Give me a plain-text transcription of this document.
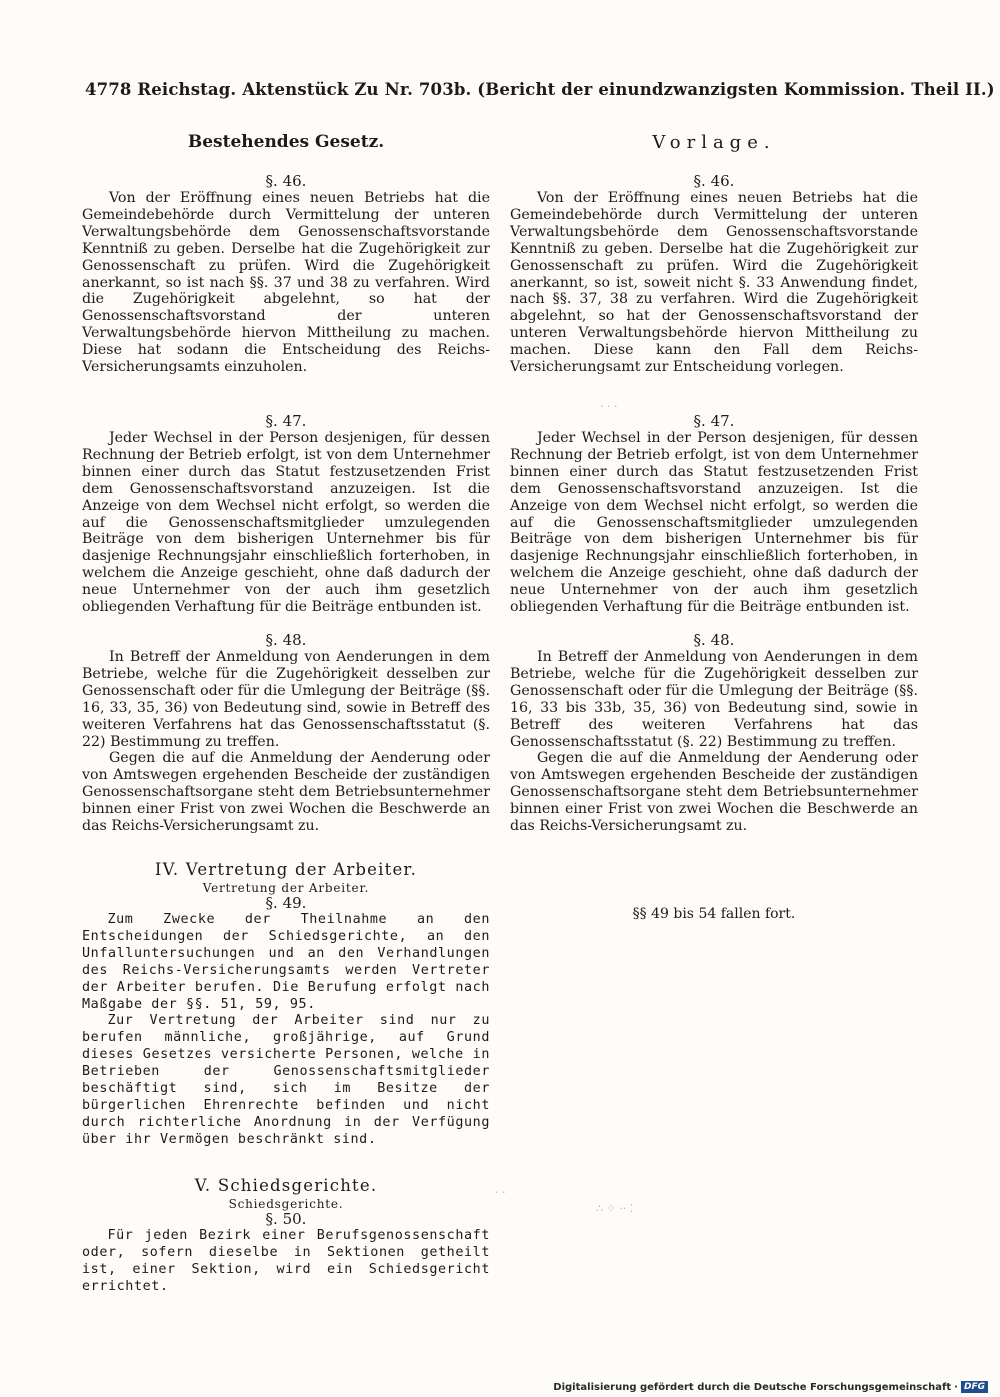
4778 Reichstag. Aktenstück Zu Nr. 703b. (Bericht der einundzwanzigsten Kommission. Theil II.)

Bestehendes Gesetz.

§. 46.

Von der Eröffnung eines neuen Betriebs hat die Gemeindebehörde durch Vermittelung der unteren Verwaltungsbehörde dem Genossenschaftsvorstande Kenntniß zu geben. Derselbe hat die Zugehörigkeit zur Genossenschaft zu prüfen. Wird die Zugehörigkeit anerkannt, so ist nach §§. 37 und 38 zu verfahren. Wird die Zugehörigkeit abgelehnt, so hat der Genossenschaftsvorstand der unteren Verwaltungsbehörde hiervon Mittheilung zu machen. Diese hat sodann die Entscheidung des Reichs-Versicherungsamts einzuholen.

§. 47.

Jeder Wechsel in der Person desjenigen, für dessen Rechnung der Betrieb erfolgt, ist von dem Unternehmer binnen einer durch das Statut festzusetzenden Frist dem Genossenschaftsvorstand anzuzeigen. Ist die Anzeige von dem Wechsel nicht erfolgt, so werden die auf die Genossenschaftsmitglieder umzulegenden Beiträge von dem bisherigen Unternehmer bis für dasjenige Rechnungsjahr einschließlich forterhoben, in welchem die Anzeige geschieht, ohne daß dadurch der neue Unternehmer von der auch ihm gesetzlich obliegenden Verhaftung für die Beiträge entbunden ist.

§. 48.

In Betreff der Anmeldung von Aenderungen in dem Betriebe, welche für die Zugehörigkeit desselben zur Genossenschaft oder für die Umlegung der Beiträge (§§. 16, 33, 35, 36) von Bedeutung sind, sowie in Betreff des weiteren Verfahrens hat das Genossenschaftsstatut (§. 22) Bestimmung zu treffen.

Gegen die auf die Anmeldung der Aenderung oder von Amtswegen ergehenden Bescheide der zuständigen Genossenschaftsorgane steht dem Betriebsunternehmer binnen einer Frist von zwei Wochen die Beschwerde an das Reichs-Versicherungsamt zu.

IV. Vertretung der Arbeiter.

Vertretung der Arbeiter.

§. 49.

Zum Zwecke der Theilnahme an den Entscheidungen der Schiedsgerichte, an den Unfalluntersuchungen und an den Verhandlungen des Reichs-Versicherungsamts werden Vertreter der Arbeiter berufen. Die Berufung erfolgt nach Maßgabe der §§. 51, 59, 95.

Zur Vertretung der Arbeiter sind nur zu berufen männliche, großjährige, auf Grund dieses Gesetzes versicherte Personen, welche in Betrieben der Genossenschaftsmitglieder beschäftigt sind, sich im Besitze der bürgerlichen Ehrenrechte befinden und nicht durch richterliche Anordnung in der Verfügung über ihr Vermögen beschränkt sind.

V. Schiedsgerichte.

Schiedsgerichte.

§. 50.

Für jeden Bezirk einer Berufsgenossenschaft oder, sofern dieselbe in Sektionen getheilt ist, einer Sektion, wird ein Schiedsgericht errichtet.

Vorlage.

§. 46.

Von der Eröffnung eines neuen Betriebs hat die Gemeindebehörde durch Vermittelung der unteren Verwaltungsbehörde dem Genossenschaftsvorstande Kenntniß zu geben. Derselbe hat die Zugehörigkeit zur Genossenschaft zu prüfen. Wird die Zugehörigkeit anerkannt, so ist, soweit nicht §. 33 Anwendung findet, nach §§. 37, 38 zu verfahren. Wird die Zugehörigkeit abgelehnt, so hat der Genossenschaftsvorstand der unteren Verwaltungsbehörde hiervon Mittheilung zu machen. Diese kann den Fall dem Reichs-Versicherungsamt zur Entscheidung vorlegen.

§. 47.

Jeder Wechsel in der Person desjenigen, für dessen Rechnung der Betrieb erfolgt, ist von dem Unternehmer binnen einer durch das Statut festzusetzenden Frist dem Genossenschaftsvorstand anzuzeigen. Ist die Anzeige von dem Wechsel nicht erfolgt, so werden die auf die Genossenschaftsmitglieder umzulegenden Beiträge von dem bisherigen Unternehmer bis für dasjenige Rechnungsjahr einschließlich forterhoben, in welchem die Anzeige geschieht, ohne daß dadurch der neue Unternehmer von der auch ihm gesetzlich obliegenden Verhaftung für die Beiträge entbunden ist.

§. 48.

In Betreff der Anmeldung von Aenderungen in dem Betriebe, welche für die Zugehörigkeit desselben zur Genossenschaft oder für die Umlegung der Beiträge (§§. 16, 33 bis 33b, 35, 36) von Bedeutung sind, sowie in Betreff des weiteren Verfahrens hat das Genossenschaftsstatut (§. 22) Bestimmung zu treffen.

Gegen die auf die Anmeldung der Aenderung oder von Amtswegen ergehenden Bescheide der zuständigen Genossenschaftsorgane steht dem Betriebsunternehmer binnen einer Frist von zwei Wochen die Beschwerde an das Reichs-Versicherungsamt zu.

§§ 49 bis 54 fallen fort.
· · ·
· ·
∴ ⁘ ·· ⁚
Digitalisierung gefördert durch die Deutsche Forschungsgemeinschaft · DFG
